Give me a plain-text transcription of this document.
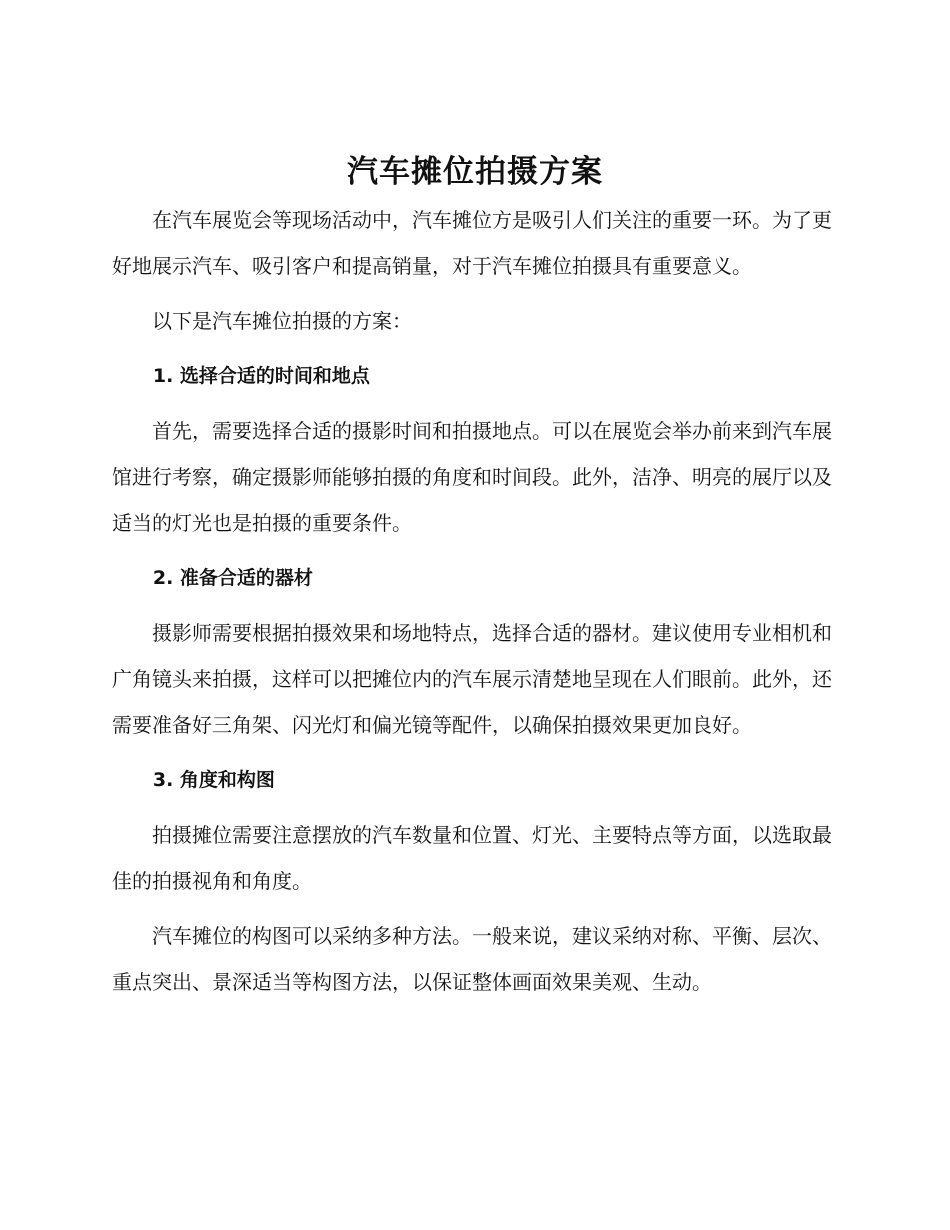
汽车摊位拍摄方案

在汽车展览会等现场活动中，汽车摊位方是吸引人们关注的重要一环。为了更好地展示汽车、吸引客户和提高销量，对于汽车摊位拍摄具有重要意义。

以下是汽车摊位拍摄的方案：

1. 选择合适的时间和地点

首先，需要选择合适的摄影时间和拍摄地点。可以在展览会举办前来到汽车展馆进行考察，确定摄影师能够拍摄的角度和时间段。此外，洁净、明亮的展厅以及适当的灯光也是拍摄的重要条件。

2. 准备合适的器材

摄影师需要根据拍摄效果和场地特点，选择合适的器材。建议使用专业相机和广角镜头来拍摄，这样可以把摊位内的汽车展示清楚地呈现在人们眼前。此外，还需要准备好三角架、闪光灯和偏光镜等配件，以确保拍摄效果更加良好。

3. 角度和构图

拍摄摊位需要注意摆放的汽车数量和位置、灯光、主要特点等方面，以选取最佳的拍摄视角和角度。

汽车摊位的构图可以采纳多种方法。一般来说，建议采纳对称、平衡、层次、重点突出、景深适当等构图方法，以保证整体画面效果美观、生动。
